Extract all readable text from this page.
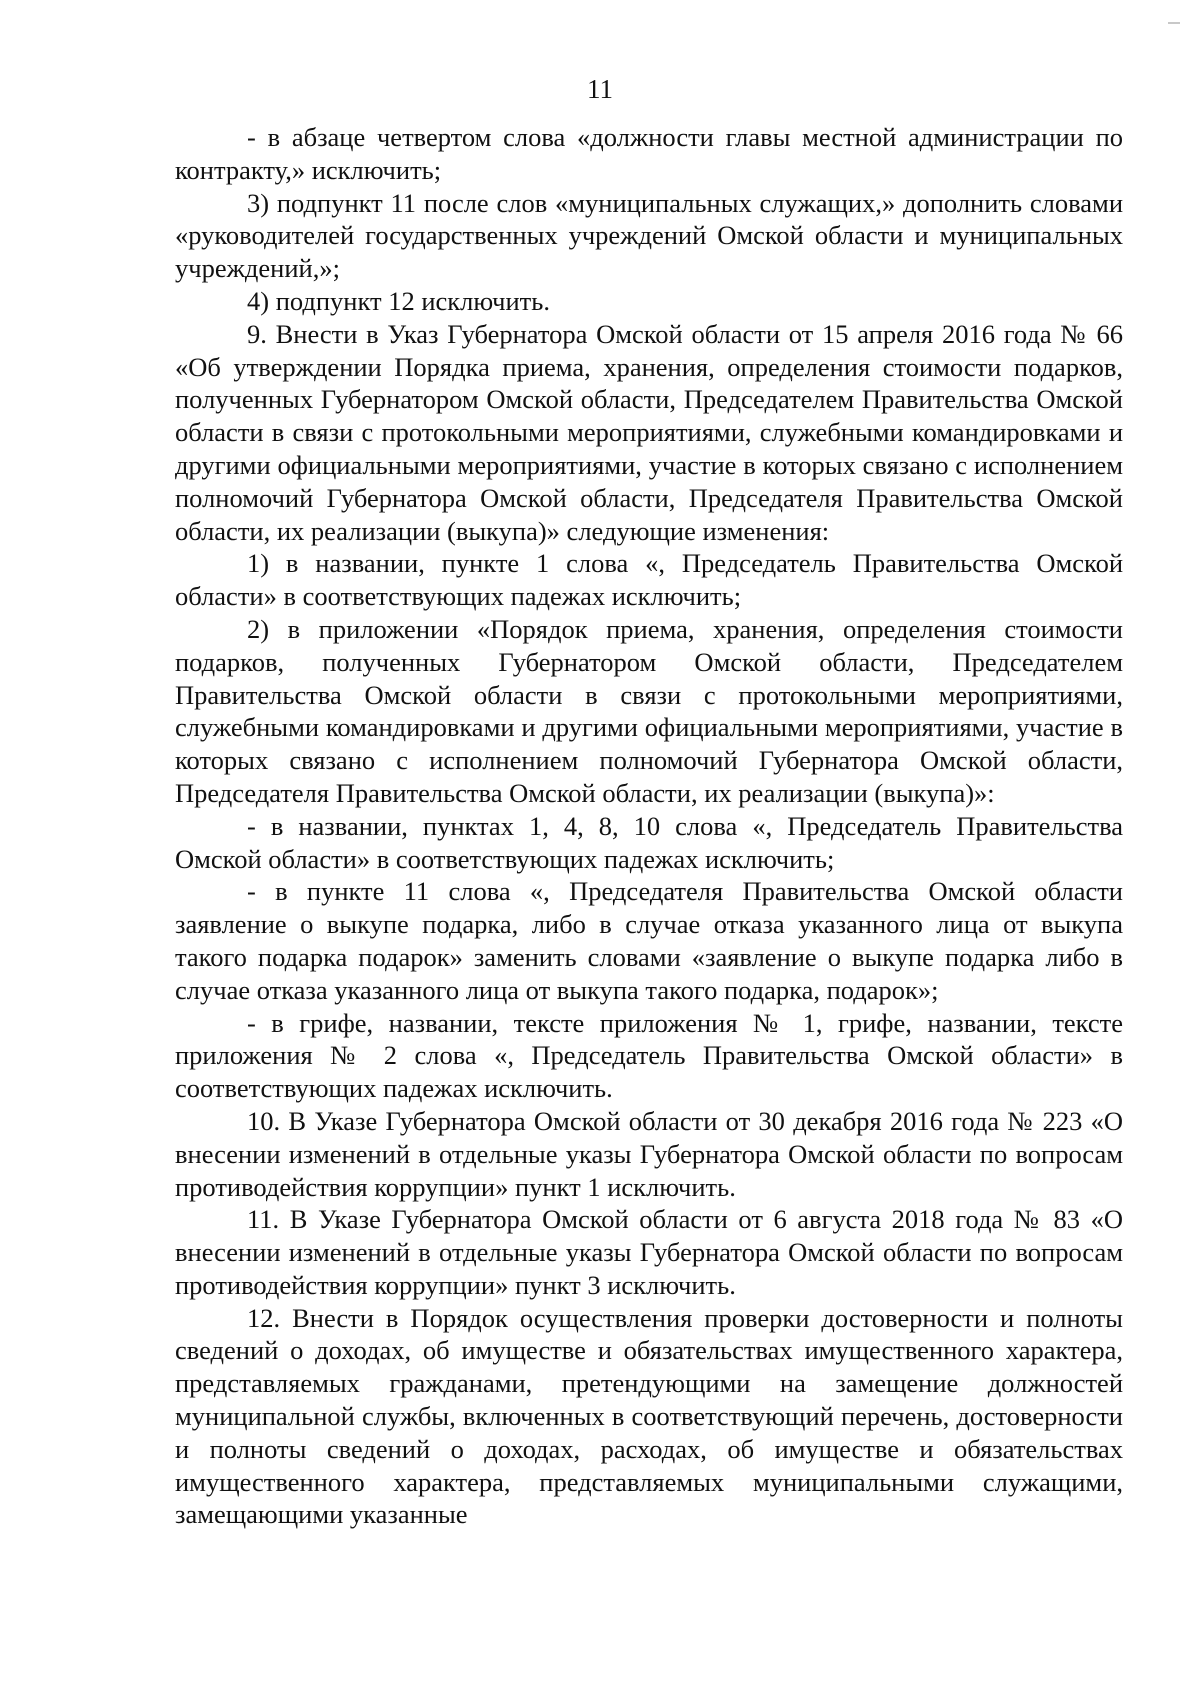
11

- в абзаце четвертом слова «должности главы местной администрации по контракту,» исключить;

3) подпункт 11 после слов «муниципальных служащих,» дополнить словами «руководителей государственных учреждений Омской области и муниципальных учреждений,»;

4) подпункт 12 исключить.

9. Внести в Указ Губернатора Омской области от 15 апреля 2016 года № 66 «Об утверждении Порядка приема, хранения, определения стоимости подарков, полученных Губернатором Омской области, Председателем Правительства Омской области в связи с протокольными мероприятиями, служебными командировками и другими официальными мероприятиями, участие в которых связано с исполнением полномочий Губернатора Омской области, Председателя Правительства Омской области, их реализации (выкупа)» следующие изменения:

1) в названии, пункте 1 слова «, Председатель Правительства Омской области» в соответствующих падежах исключить;

2) в приложении «Порядок приема, хранения, определения стоимости подарков, полученных Губернатором Омской области, Председателем Правительства Омской области в связи с протокольными мероприятиями, служебными командировками и другими официальными мероприятиями, участие в которых связано с исполнением полномочий Губернатора Омской области, Председателя Правительства Омской области, их реализации (выкупа)»:

- в названии, пунктах 1, 4, 8, 10 слова «, Председатель Правительства Омской области» в соответствующих падежах исключить;

- в пункте 11 слова «, Председателя Правительства Омской области заявление о выкупе подарка, либо в случае отказа указанного лица от выкупа такого подарка подарок» заменить словами «заявление о выкупе подарка либо в случае отказа указанного лица от выкупа такого подарка, подарок»;

- в грифе, названии, тексте приложения № 1, грифе, названии, тексте приложения № 2 слова «, Председатель Правительства Омской области» в соответствующих падежах исключить.

10. В Указе Губернатора Омской области от 30 декабря 2016 года № 223 «О внесении изменений в отдельные указы Губернатора Омской области по вопросам противодействия коррупции» пункт 1 исключить.

11. В Указе Губернатора Омской области от 6 августа 2018 года № 83 «О внесении изменений в отдельные указы Губернатора Омской области по вопросам противодействия коррупции» пункт 3 исключить.

12. Внести в Порядок осуществления проверки достоверности и полноты сведений о доходах, об имуществе и обязательствах имущественного характера, представляемых гражданами, претендующими на замещение должностей муниципальной службы, включенных в соответствующий перечень, достоверности и полноты сведений о доходах, расходах, об имуществе и обязательствах имущественного характера, представляемых муниципальными служащими, замещающими указанные
